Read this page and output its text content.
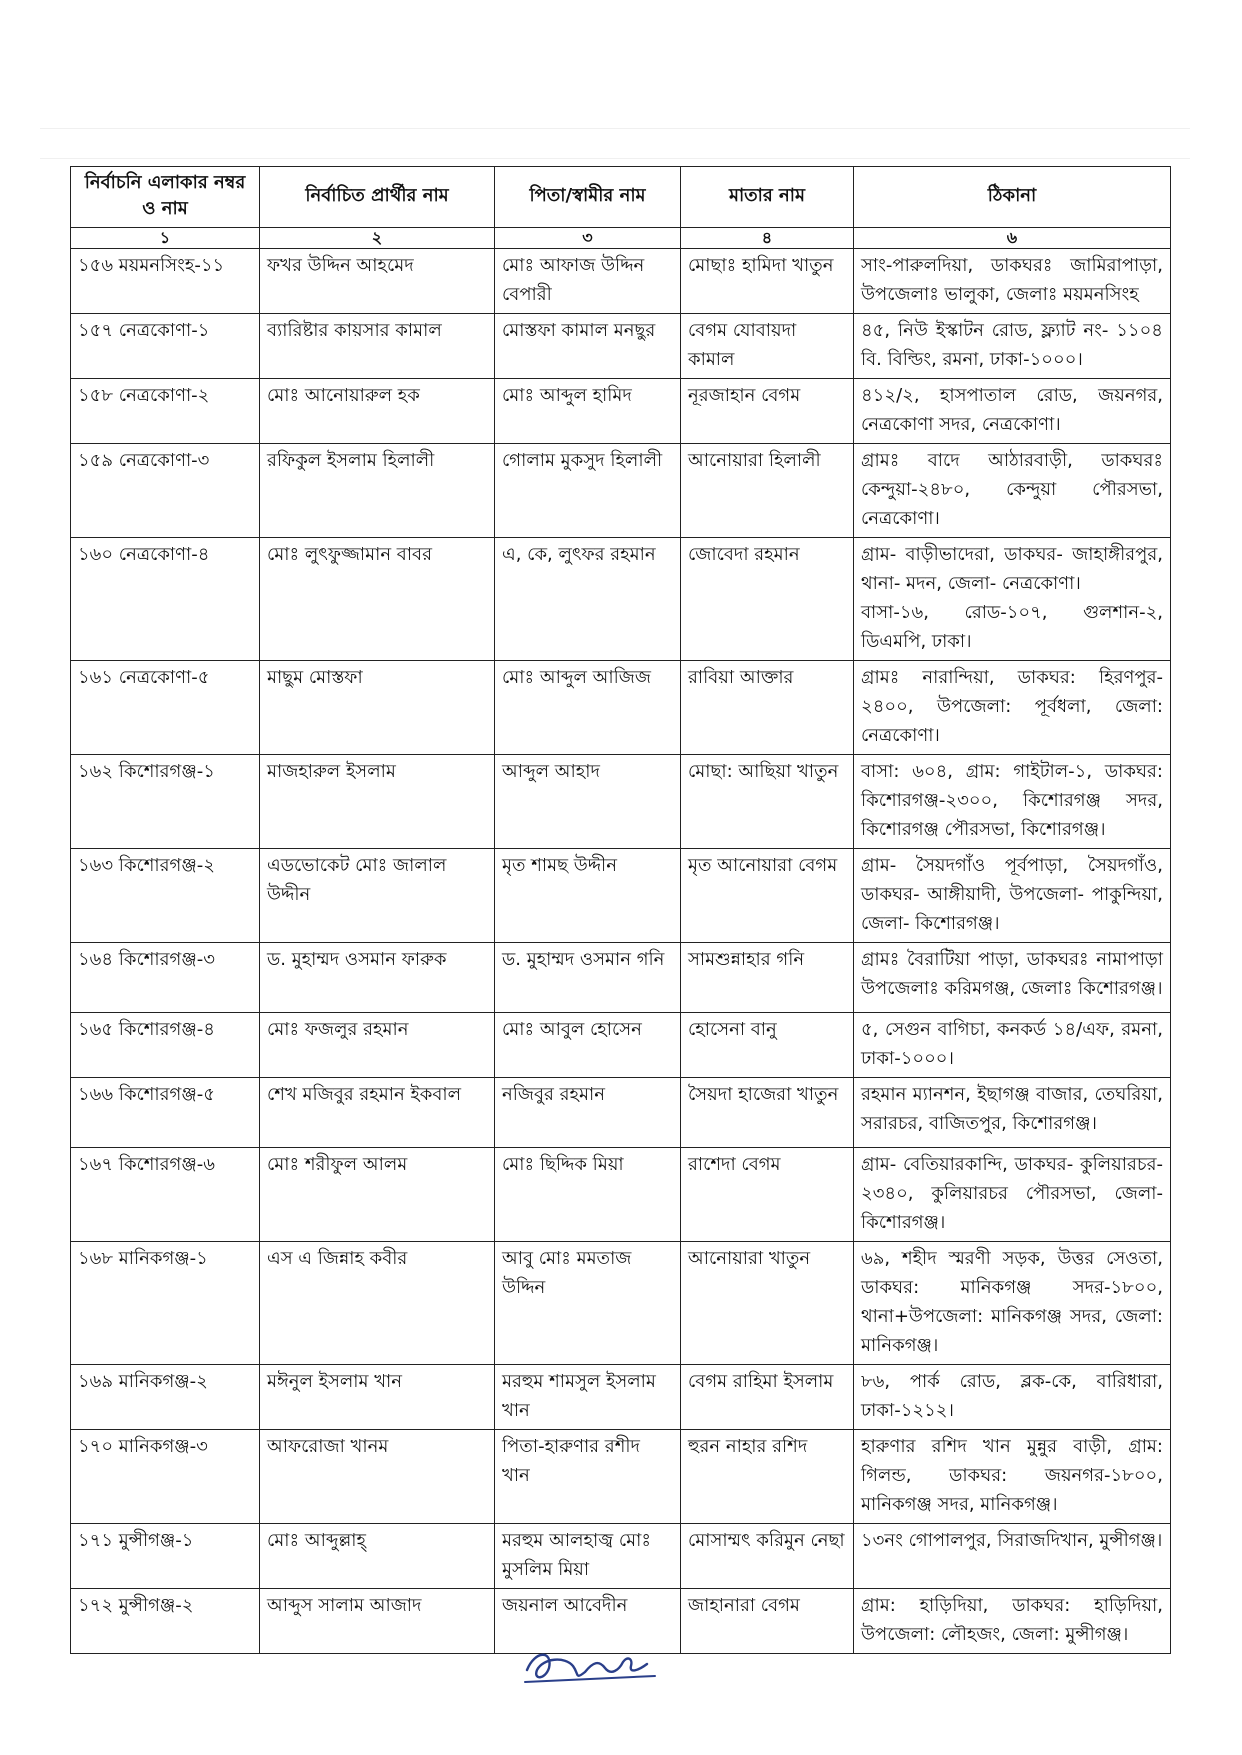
নির্বাচনি এলাকার নম্বর ও নাম	নির্বাচিত প্রার্থীর নাম	পিতা/স্বামীর নাম	মাতার নাম	ঠিকানা
১	২	৩	৪	৬
১৫৬ ময়মনসিংহ-১১	ফখর উদ্দিন আহমেদ	মোঃ আফাজ উদ্দিন বেপারী	মোছাঃ হামিদা খাতুন	সাং-পারুলদিয়া, ডাকঘরঃ জামিরাপাড়া, উপজেলাঃ ভালুকা, জেলাঃ ময়মনসিংহ

১৫৭ নেত্রকোণা-১	ব্যারিষ্টার কায়সার কামাল	মোস্তফা কামাল মনছুর	বেগম যোবায়দা কামাল	৪৫, নিউ ইস্কাটন রোড, ফ্ল্যাট নং- ১১০৪ বি. বিল্ডিং, রমনা, ঢাকা-১০০০।

১৫৮ নেত্রকোণা-২	মোঃ আনোয়ারুল হক	মোঃ আব্দুল হামিদ	নূরজাহান বেগম	৪১২/২, হাসপাতাল রোড, জয়নগর, নেত্রকোণা সদর, নেত্রকোণা।

১৫৯ নেত্রকোণা-৩	রফিকুল ইসলাম হিলালী	গোলাম মুকসুদ হিলালী	আনোয়ারা হিলালী	গ্রামঃ বাদে আঠারবাড়ী, ডাকঘরঃ কেন্দুয়া-২৪৮০, কেন্দুয়া পৌরসভা, নেত্রকোণা।

১৬০ নেত্রকোণা-৪	মোঃ লুৎফুজ্জামান বাবর	এ, কে, লুৎফর রহমান	জোবেদা রহমান	গ্রাম- বাড়ীভাদেরা, ডাকঘর- জাহাঙ্গীরপুর, থানা- মদন, জেলা- নেত্রকোণা।
বাসা-১৬, রোড-১০৭, গুলশান-২, ডিএমপি, ঢাকা।

১৬১ নেত্রকোণা-৫	মাছুম মোস্তফা	মোঃ আব্দুল আজিজ	রাবিয়া আক্তার	গ্রামঃ নারান্দিয়া, ডাকঘর: হিরণপুর- ২৪০০, উপজেলা: পূর্বধলা, জেলা: নেত্রকোণা।

১৬২ কিশোরগঞ্জ-১	মাজহারুল ইসলাম	আব্দুল আহাদ	মোছা: আছিয়া খাতুন	বাসা: ৬০৪, গ্রাম: গাইটাল-১, ডাকঘর: কিশোরগঞ্জ-২৩০০, কিশোরগঞ্জ সদর, কিশোরগঞ্জ পৌরসভা, কিশোরগঞ্জ।

১৬৩ কিশোরগঞ্জ-২	এডভোকেট মোঃ জালাল উদ্দীন	মৃত শামছ উদ্দীন	মৃত আনোয়ারা বেগম	গ্রাম- সৈয়দগাঁও পূর্বপাড়া, সৈয়দগাঁও, ডাকঘর- আঙ্গীয়াদী, উপজেলা- পাকুন্দিয়া, জেলা- কিশোরগঞ্জ।

১৬৪ কিশোরগঞ্জ-৩	ড. মুহাম্মদ ওসমান ফারুক	ড. মুহাম্মদ ওসমান গনি	সামশুন্নাহার গনি	গ্রামঃ বৈরাটিয়া পাড়া, ডাকঘরঃ নামাপাড়া উপজেলাঃ করিমগঞ্জ, জেলাঃ কিশোরগঞ্জ।

১৬৫ কিশোরগঞ্জ-৪	মোঃ ফজলুর রহমান	মোঃ আবুল হোসেন	হোসেনা বানু	৫, সেগুন বাগিচা, কনকর্ড ১৪/এফ, রমনা, ঢাকা-১০০০।

১৬৬ কিশোরগঞ্জ-৫	শেখ মজিবুর রহমান ইকবাল	নজিবুর রহমান	সৈয়দা হাজেরা খাতুন	রহমান ম্যানশন, ইছাগঞ্জ বাজার, তেঘরিয়া, সরারচর, বাজিতপুর, কিশোরগঞ্জ।

১৬৭ কিশোরগঞ্জ-৬	মোঃ শরীফুল আলম	মোঃ ছিদ্দিক মিয়া	রাশেদা বেগম	গ্রাম- বেতিয়ারকান্দি, ডাকঘর- কুলিয়ারচর- ২৩৪০, কুলিয়ারচর পৌরসভা, জেলা- কিশোরগঞ্জ।

১৬৮ মানিকগঞ্জ-১	এস এ জিন্নাহ কবীর	আবু মোঃ মমতাজ উদ্দিন	আনোয়ারা খাতুন	৬৯, শহীদ স্মরণী সড়ক, উত্তর সেওতা, ডাকঘর: মানিকগঞ্জ সদর-১৮০০, থানা+উপজেলা: মানিকগঞ্জ সদর, জেলা: মানিকগঞ্জ।

১৬৯ মানিকগঞ্জ-২	মঈনুল ইসলাম খান	মরহুম শামসুল ইসলাম খান	বেগম রাহিমা ইসলাম	৮৬, পার্ক রোড, ব্লক-কে, বারিধারা, ঢাকা-১২১২।

১৭০ মানিকগঞ্জ-৩	আফরোজা খানম	পিতা-হারুণার রশীদ খান	হুরন নাহার রশিদ	হারুণার রশিদ খান মুন্নুর বাড়ী, গ্রাম: গিলন্ড, ডাকঘর: জয়নগর-১৮০০, মানিকগঞ্জ সদর, মানিকগঞ্জ।

১৭১ মুন্সীগঞ্জ-১	মোঃ আব্দুল্লাহ্	মরহুম আলহাজ্ব মোঃ মুসলিম মিয়া	মোসাম্মৎ করিমুন নেছা	১৩নং গোপালপুর, সিরাজদিখান, মুন্সীগঞ্জ।

১৭২ মুন্সীগঞ্জ-২	আব্দুস সালাম আজাদ	জয়নাল আবেদীন	জাহানারা বেগম	গ্রাম: হাড়িদিয়া, ডাকঘর: হাড়িদিয়া, উপজেলা: লৌহজং, জেলা: মুন্সীগঞ্জ।
